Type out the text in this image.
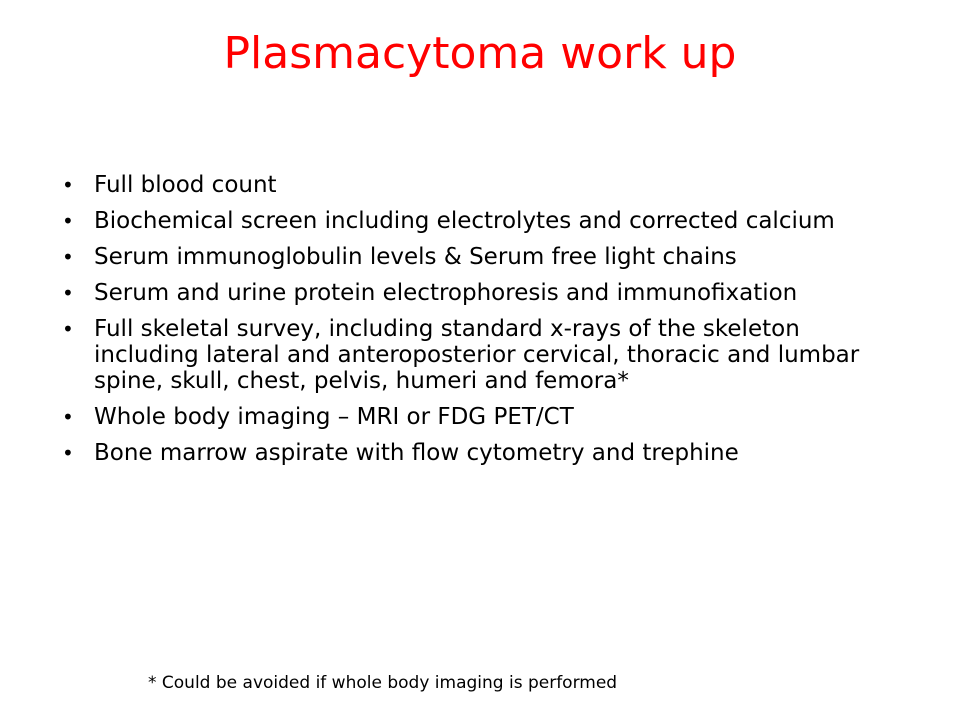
Plasmacytoma work up
• Full blood count
• Biochemical screen including electrolytes and corrected calcium
• Serum immunoglobulin levels & Serum free light chains
• Serum and urine protein electrophoresis and immunofixation
• Full skeletal survey, including standard x-rays of the skeleton including lateral and anteroposterior cervical, thoracic and lumbar spine, skull, chest, pelvis, humeri and femora*
• Whole body imaging – MRI or FDG PET/CT
• Bone marrow aspirate with flow cytometry and trephine
* Could be avoided if whole body imaging is performed
